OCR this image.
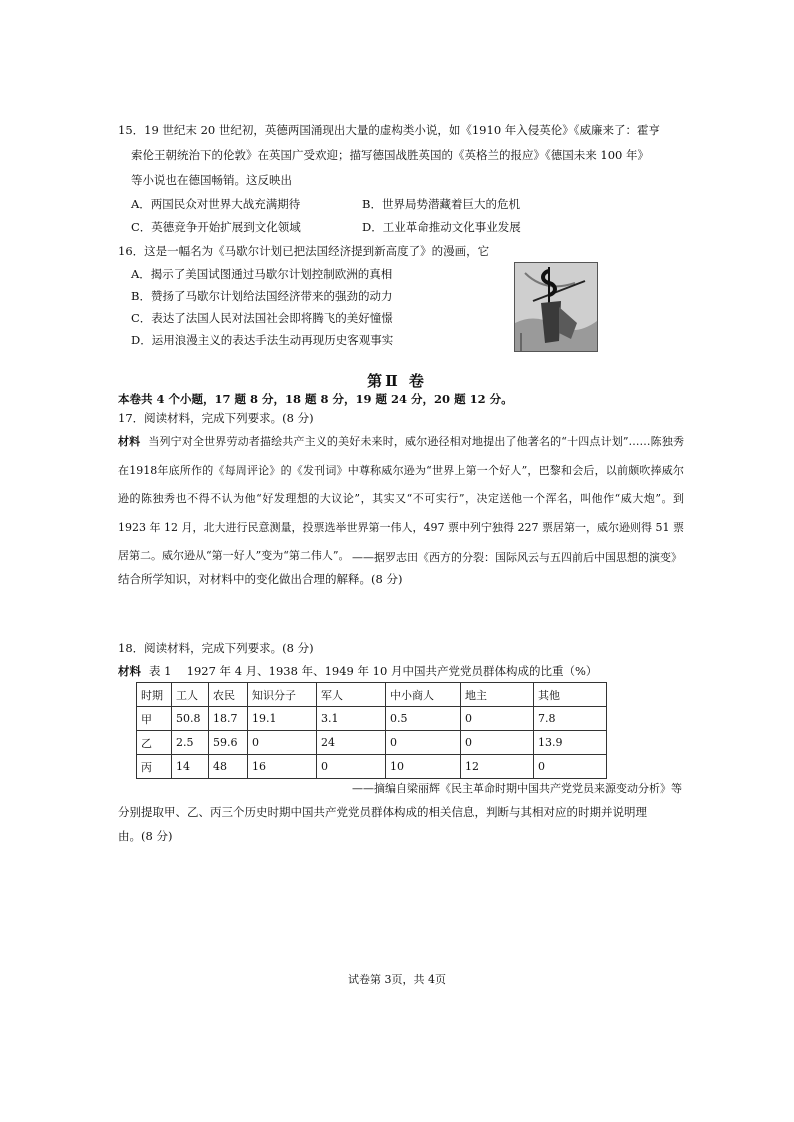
15．19 世纪末 20 世纪初，英德两国涌现出大量的虚构类小说，如《1910 年入侵英伦》《威廉来了：霍亨
索伦王朝统治下的伦敦》在英国广受欢迎；描写德国战胜英国的《英格兰的报应》《德国未来 100 年》
等小说也在德国畅销。这反映出
A．两国民众对世界大战充满期待	B．世界局势潜藏着巨大的危机
C．英德竞争开始扩展到文化领域	D．工业革命推动文化事业发展
16．这是一幅名为《马歇尔计划已把法国经济提到新高度了》的漫画，它
A．揭示了美国试图通过马歇尔计划控制欧洲的真相
B．赞扬了马歇尔计划给法国经济带来的强劲的动力
C．表达了法国人民对法国社会即将腾飞的美好憧憬
D．运用浪漫主义的表达手法生动再现历史客观事实
第Ⅱ 卷
本卷共 4 个小题，17 题 8 分，18 题 8 分，19 题 24 分，20 题 12 分。
17．阅读材料，完成下列要求。(8 分)
材料 当列宁对全世界劳动者描绘共产主义的美好未来时，威尔逊径相对地提出了他著名的“十四点计划”……陈独秀在1918年底所作的《每周评论》的《发刊词》中尊称威尔逊为“世界上第一个好人”，巴黎和会后，以前颇吹捧威尔逊的陈独秀也不得不认为他“好发理想的大议论”，其实又“不可实行”，决定送他一个浑名，叫他作“威大炮”。到 1923 年 12 月，北大进行民意测量，投票选举世界第一伟人，497 票中列宁独得 227 票居第一，威尔逊则得 51 票居第二。威尔逊从“第一好人”变为“第二伟人”。 ——据罗志田《西方的分裂：国际风云与五四前后中国思想的演变》
结合所学知识，对材料中的变化做出合理的解释。(8 分)
18．阅读材料，完成下列要求。(8 分)
材料 表 1　 1927 年 4 月、1938 年、1949 年 10 月中国共产党党员群体构成的比重（%）
时期	工人	农民	知识分子	军人	中小商人	地主	其他
甲	50.8	18.7	19.1	3.1	0.5	0	7.8
乙	2.5	59.6	0	24	0	0	13.9
丙	14	48	16	0	10	12	0
——摘编自梁丽辉《民主革命时期中国共产党党员来源变动分析》等
分别提取甲、乙、丙三个历史时期中国共产党党员群体构成的相关信息，判断与其相对应的时期并说明理
由。(8 分)
试卷第 3页，共 4页
